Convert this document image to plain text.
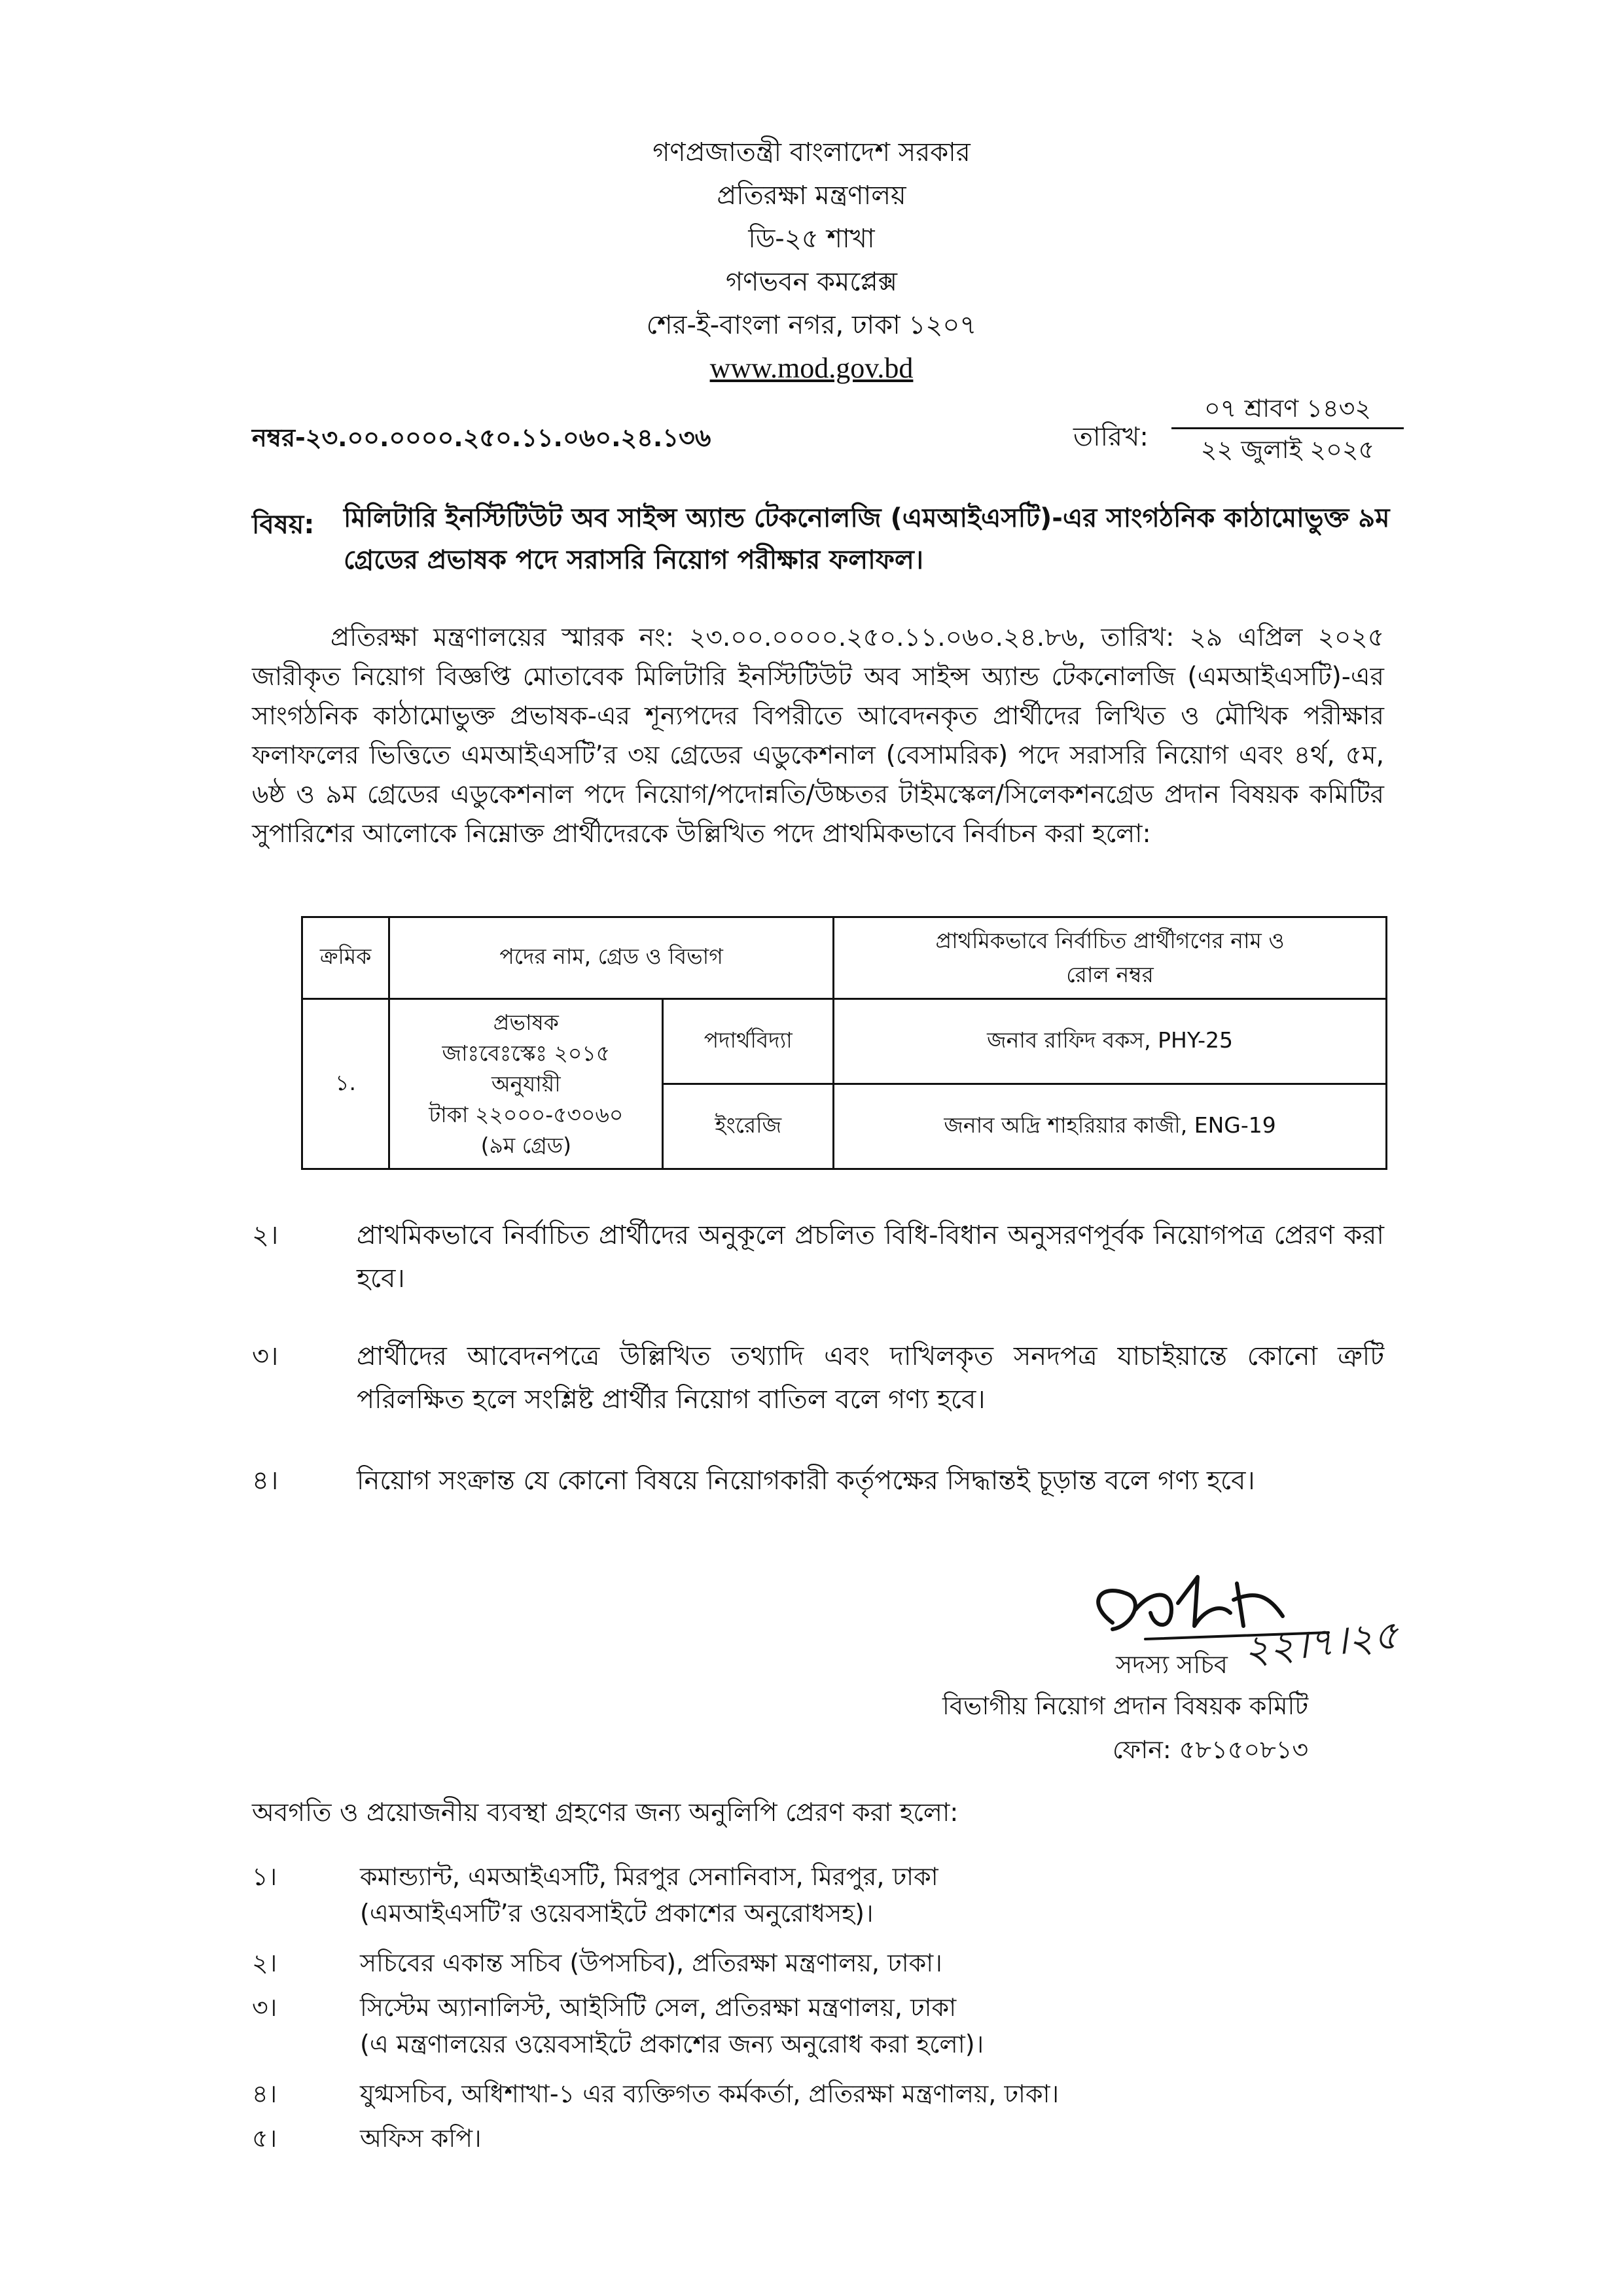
গণপ্রজাতন্ত্রী বাংলাদেশ সরকার
প্রতিরক্ষা মন্ত্রণালয়
ডি-২৫ শাখা
গণভবন কমপ্লেক্স
শের-ই-বাংলা নগর, ঢাকা ১২০৭
www.mod.gov.bd
নম্বর-২৩.০০.০০০০.২৫০.১১.০৬০.২৪.১৩৬	তারিখ:
০৭ শ্রাবণ ১৪৩২
২২ জুলাই ২০২৫
বিষয়: মিলিটারি ইনস্টিটিউট অব সাইন্স অ্যান্ড টেকনোলজি (এমআইএসটি)-এর সাংগঠনিক কাঠামোভুক্ত ৯ম গ্রেডের প্রভাষক পদে সরাসরি নিয়োগ পরীক্ষার ফলাফল।
প্রতিরক্ষা মন্ত্রণালয়ের স্মারক নং: ২৩.০০.০০০০.২৫০.১১.০৬০.২৪.৮৬, তারিখ: ২৯ এপ্রিল ২০২৫ জারীকৃত নিয়োগ বিজ্ঞপ্তি মোতাবেক মিলিটারি ইনস্টিটিউট অব সাইন্স অ্যান্ড টেকনোলজি (এমআইএসটি)-এর সাংগঠনিক কাঠামোভুক্ত প্রভাষক-এর শূন্যপদের বিপরীতে আবেদনকৃত প্রার্থীদের লিখিত ও মৌখিক পরীক্ষার ফলাফলের ভিত্তিতে এমআইএসটি’র ৩য় গ্রেডের এডুকেশনাল (বেসামরিক) পদে সরাসরি নিয়োগ এবং ৪র্থ, ৫ম, ৬ষ্ঠ ও ৯ম গ্রেডের এডুকেশনাল পদে নিয়োগ/পদোন্নতি/উচ্চতর টাইমস্কেল/সিলেকশনগ্রেড প্রদান বিষয়ক কমিটির সুপারিশের আলোকে নিম্নোক্ত প্রার্থীদেরকে উল্লিখিত পদে প্রাথমিকভাবে নির্বাচন করা হলো:
ক্রমিক	পদের নাম, গ্রেড ও বিভাগ		প্রাথমিকভাবে নির্বাচিত প্রার্থীগণের নাম ও রোল নম্বর
১.	প্রভাষক
জাঃবেঃস্কেঃ ২০১৫
অনুযায়ী
টাকা ২২০০০-৫৩০৬০
(৯ম গ্রেড)	পদার্থবিদ্যা	জনাব রাফিদ বকস, PHY-25
		ইংরেজি	জনাব অদ্রি শাহরিয়ার কাজী, ENG-19
২।	প্রাথমিকভাবে নির্বাচিত প্রার্থীদের অনুকূলে প্রচলিত বিধি-বিধান অনুসরণপূর্বক নিয়োগপত্র প্রেরণ করা হবে।
৩।	প্রার্থীদের আবেদনপত্রে উল্লিখিত তথ্যাদি এবং দাখিলকৃত সনদপত্র যাচাইয়ান্তে কোনো ত্রুটি পরিলক্ষিত হলে সংশ্লিষ্ট প্রার্থীর নিয়োগ বাতিল বলে গণ্য হবে।
৪।	নিয়োগ সংক্রান্ত যে কোনো বিষয়ে নিয়োগকারী কর্তৃপক্ষের সিদ্ধান্তই চূড়ান্ত বলে গণ্য হবে।
২২।৭।২৫
সদস্য সচিব
বিভাগীয় নিয়োগ প্রদান বিষয়ক কমিটি
ফোন: ৫৮১৫০৮১৩
অবগতি ও প্রয়োজনীয় ব্যবস্থা গ্রহণের জন্য অনুলিপি প্রেরণ করা হলো:
১।	কমান্ড্যান্ট, এমআইএসটি, মিরপুর সেনানিবাস, মিরপুর, ঢাকা
(এমআইএসটি’র ওয়েবসাইটে প্রকাশের অনুরোধসহ)।
২।	সচিবের একান্ত সচিব (উপসচিব), প্রতিরক্ষা মন্ত্রণালয়, ঢাকা।
৩।	সিস্টেম অ্যানালিস্ট, আইসিটি সেল, প্রতিরক্ষা মন্ত্রণালয়, ঢাকা
(এ মন্ত্রণালয়ের ওয়েবসাইটে প্রকাশের জন্য অনুরোধ করা হলো)।
৪।	যুগ্মসচিব, অধিশাখা-১ এর ব্যক্তিগত কর্মকর্তা, প্রতিরক্ষা মন্ত্রণালয়, ঢাকা।
৫।	অফিস কপি।
